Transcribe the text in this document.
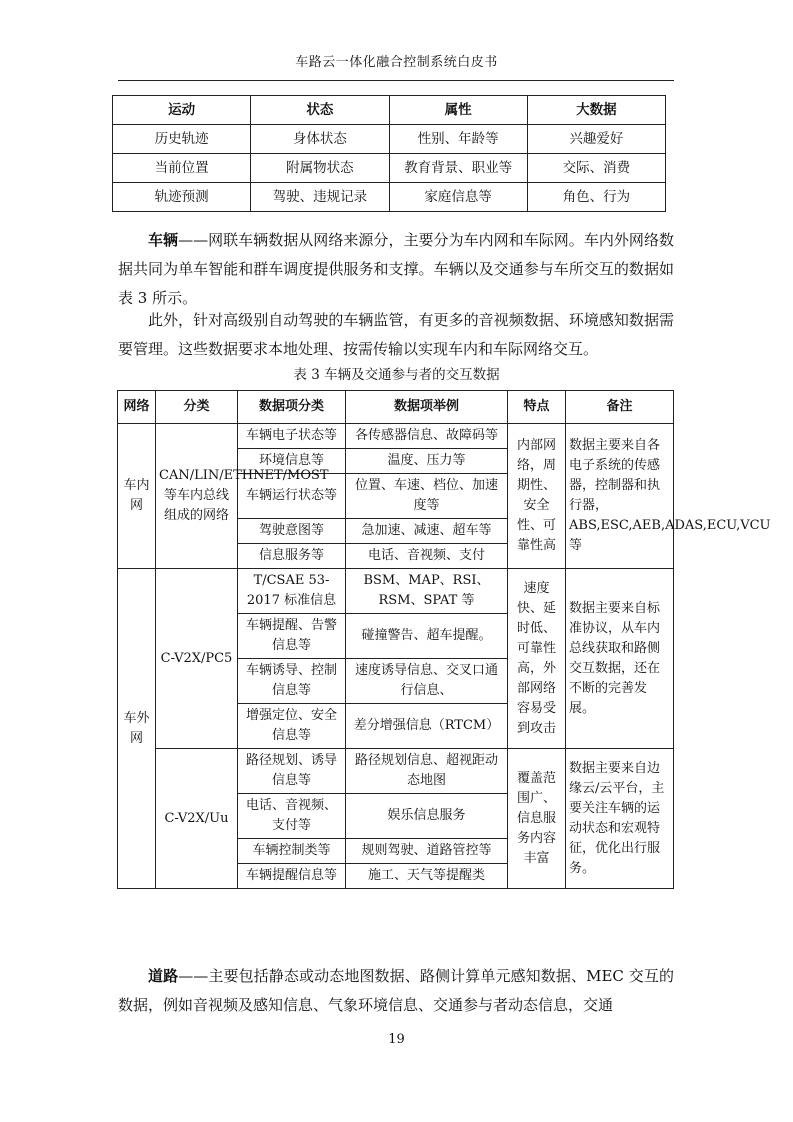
车路云一体化融合控制系统白皮书
运动	状态	属性	大数据
历史轨迹	身体状态	性别、年龄等	兴趣爱好
当前位置	附属物状态	教育背景、职业等	交际、消费
轨迹预测	驾驶、违规记录	家庭信息等	角色、行为

车辆——网联车辆数据从网络来源分，主要分为车内网和车际网。车内外网络数据共同为单车智能和群车调度提供服务和支撑。车辆以及交通参与车所交互的数据如表 3 所示。

此外，针对高级别自动驾驶的车辆监管，有更多的音视频数据、环境感知数据需要管理。这些数据要求本地处理、按需传输以实现车内和车际网络交互。

表 3 车辆及交通参与者的交互数据
网络	分类	数据项分类	数据项举例	特点	备注
车内网	CAN/LIN/ETHNET/MOST 等车内总线组成的网络	车辆电子状态等	各传感器信息、故障码等	内部网络，周期性、安全性、可靠性高	数据主要来自各电子系统的传感器，控制器和执行器，ABS,ESC,AEB,ADAS,ECU,VCU 等
		环境信息等	温度、压力等		
		车辆运行状态等	位置、车速、档位、加速度等		
		驾驶意图等	急加速、减速、超车等		
		信息服务等	电话、音视频、支付		
车外网	C-V2X/PC5	T/CSAE 53-2017 标准信息	BSM、MAP、RSI、RSM、SPAT 等	速度快、延时低、可靠性高，外部网络容易受到攻击	数据主要来自标准协议，从车内总线获取和路侧交互数据，还在不断的完善发展。
		车辆提醒、告警信息等	碰撞警告、超车提醒。		
		车辆诱导、控制信息等	速度诱导信息、交叉口通行信息、		
		增强定位、安全信息等	差分增强信息（RTCM）		
	C-V2X/Uu	路径规划、诱导信息等	路径规划信息、超视距动态地图	覆盖范围广、信息服务内容丰富	数据主要来自边缘云/云平台，主要关注车辆的运动状态和宏观特征，优化出行服务。
		电话、音视频、支付等	娱乐信息服务		
		车辆控制类等	规则驾驶、道路管控等		
		车辆提醒信息等	施工、天气等提醒类		

道路——主要包括静态或动态地图数据、路侧计算单元感知数据、MEC 交互的数据，例如音视频及感知信息、气象环境信息、交通参与者动态信息，交通

19
